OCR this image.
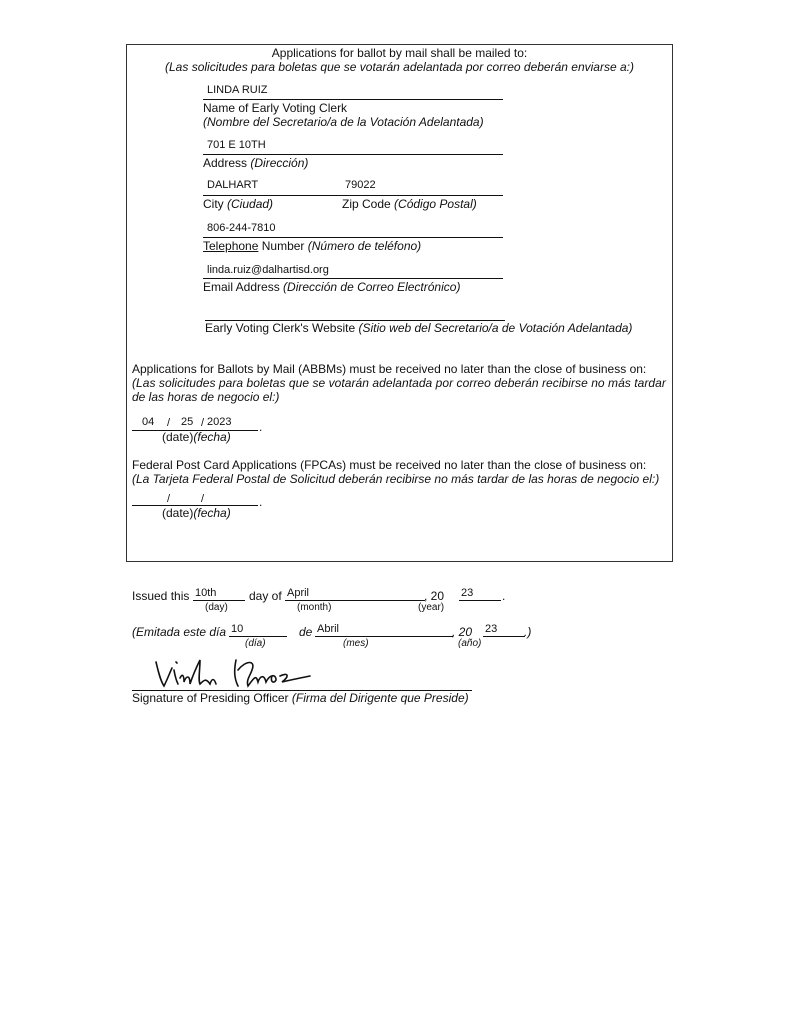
Applications for ballot by mail shall be mailed to:
(Las solicitudes para boletas que se votarán adelantada por correo deberán enviarse a:)
LINDA RUIZ
Name of Early Voting Clerk
(Nombre del Secretario/a de la Votación Adelantada)
701 E 10TH
Address (Dirección)
DALHART	79022
City (Ciudad)	Zip Code (Código Postal)
806-244-7810
Telephone Number (Número de teléfono)
linda.ruiz@dalhartisd.org
Email Address (Dirección de Correo Electrónico)
Early Voting Clerk's Website (Sitio web del Secretario/a de Votación Adelantada)
Applications for Ballots by Mail (ABBMs) must be received no later than the close of business on:
(Las solicitudes para boletas que se votarán adelantada por correo deberán recibirse no más tardar
de las horas de negocio el:)
04 / 25 / 2023 .
(date)(fecha)
Federal Post Card Applications (FPCAs) must be received no later than the close of business on:
(La Tarjeta Federal Postal de Solicitud deberán recibirse no más tardar de las horas de negocio el:)
/	/	.
(date)(fecha)
Issued this 10th	day of April	, 20 23 .
(day)	(month)	(year)
(Emitada este día 10	de Abril	, 20 23 .)
(día)	(mes)	(año)
Signature of Presiding Officer (Firma del Dirigente que Preside)
